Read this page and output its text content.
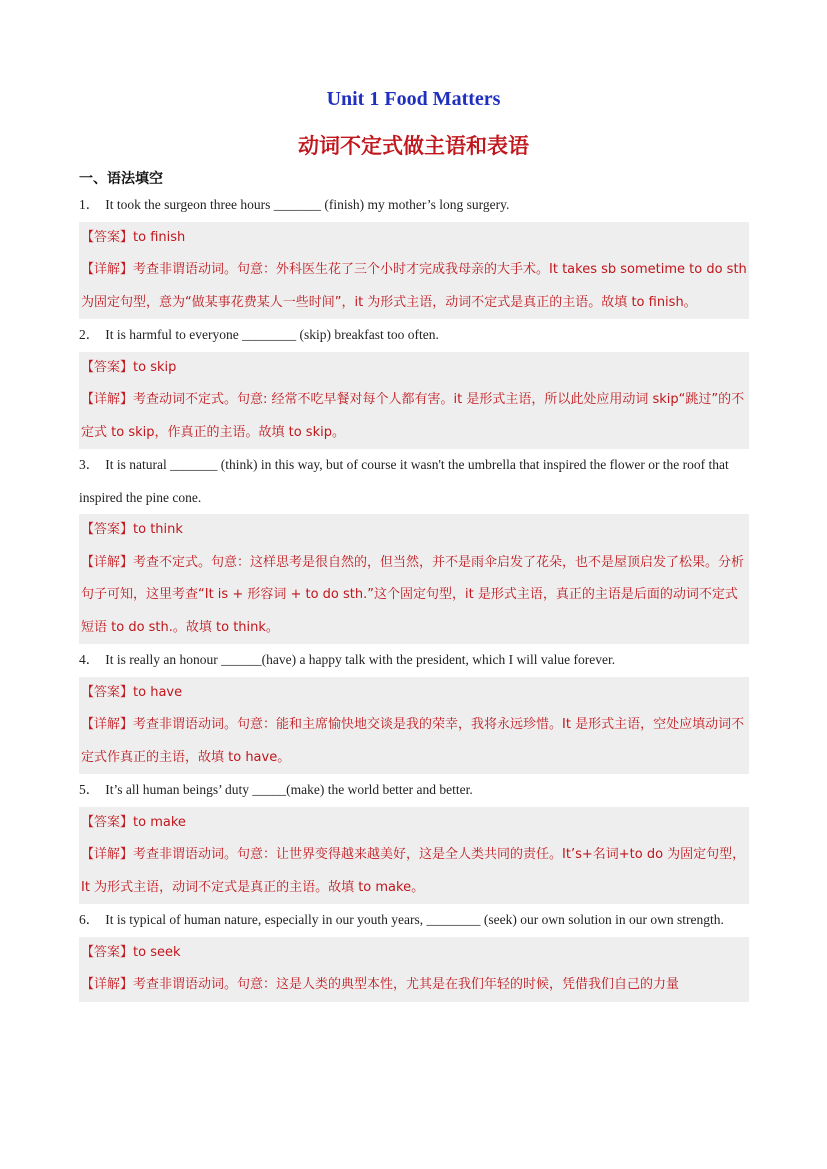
Unit 1 Food Matters
动词不定式做主语和表语
一、语法填空
1． It took the surgeon three hours _______ (finish) my mother’s long surgery.
【答案】to finish
【详解】考查非谓语动词。句意：外科医生花了三个小时才完成我母亲的大手术。It takes sb sometime to do sth 为固定句型，意为“做某事花费某人一些时间”，it 为形式主语，动词不定式是真正的主语。故填 to finish。
2． It is harmful to everyone ________ (skip) breakfast too often.
【答案】to skip
【详解】考查动词不定式。句意: 经常不吃早餐对每个人都有害。it 是形式主语，所以此处应用动词 skip“跳过”的不定式 to skip，作真正的主语。故填 to skip。
3． It is natural _______ (think) in this way, but of course it wasn't the umbrella that inspired the flower or the roof that inspired the pine cone.
【答案】to think
【详解】考查不定式。句意：这样思考是很自然的，但当然，并不是雨伞启发了花朵，也不是屋顶启发了松果。分析句子可知，这里考查“It is + 形容词 + to do sth.”这个固定句型，it 是形式主语，真正的主语是后面的动词不定式短语 to do sth.。故填 to think。
4． It is really an honour ______(have) a happy talk with the president, which I will value forever.
【答案】to have
【详解】考查非谓语动词。句意：能和主席愉快地交谈是我的荣幸，我将永远珍惜。It 是形式主语，空处应填动词不定式作真正的主语，故填 to have。
5． It’s all human beings’ duty _____(make) the world better and better.
【答案】to make
【详解】考查非谓语动词。句意：让世界变得越来越美好，这是全人类共同的责任。It’s+名词+to do 为固定句型，It 为形式主语，动词不定式是真正的主语。故填 to make。
6． It is typical of human nature, especially in our youth years, ________ (seek) our own solution in our own strength.
【答案】to seek
【详解】考查非谓语动词。句意：这是人类的典型本性，尤其是在我们年轻的时候，凭借我们自己的力量
